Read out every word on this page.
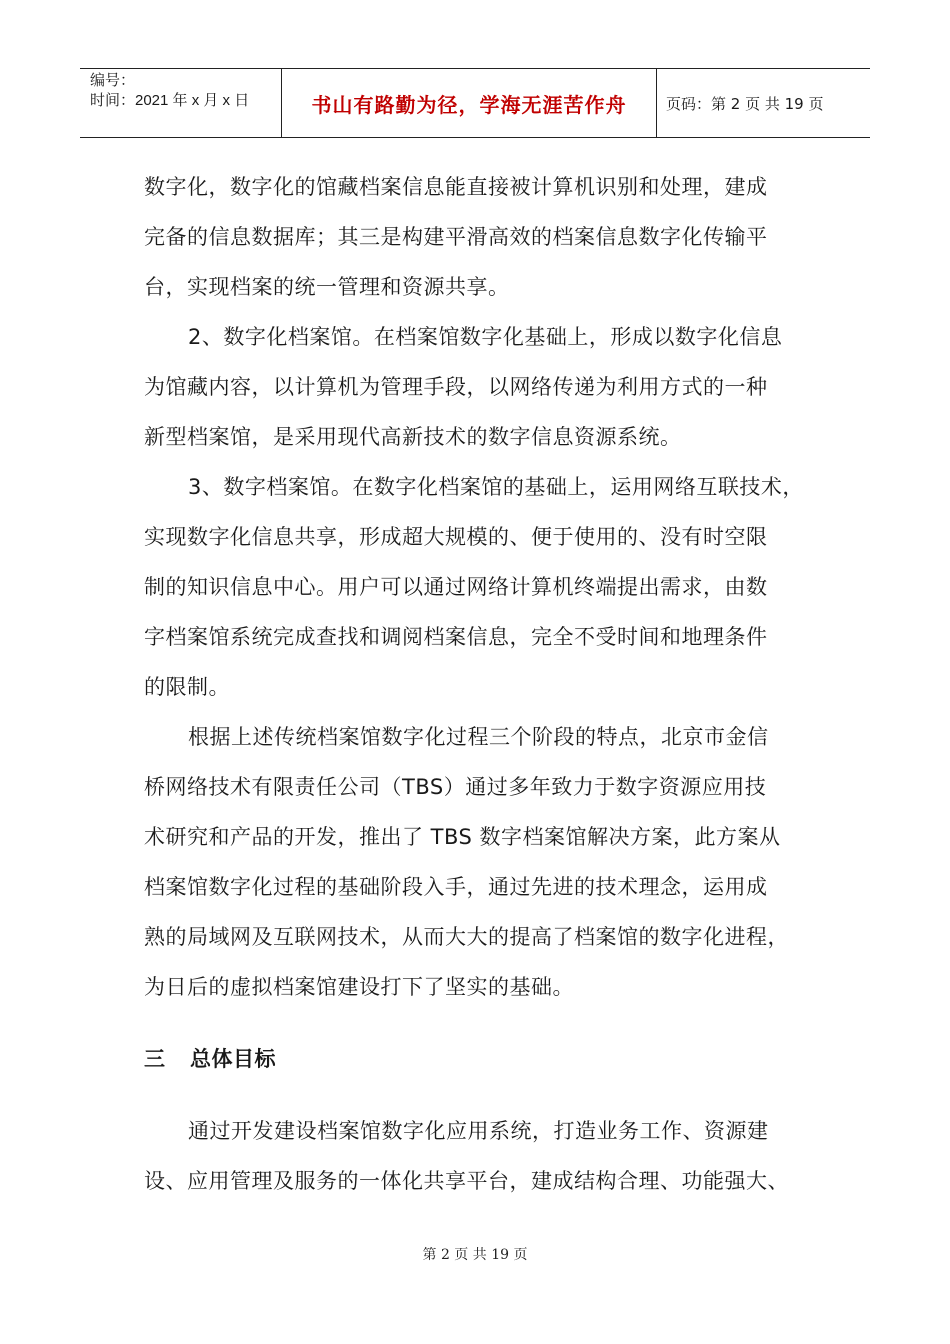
编号：
时间：2021 年 x 月 x 日	书山有路勤为径，学海无涯苦作舟	页码：第 2 页 共 19 页

数字化，数字化的馆藏档案信息能直接被计算机识别和处理，建成

完备的信息数据库；其三是构建平滑高效的档案信息数字化传输平

台，实现档案的统一管理和资源共享。

2、数字化档案馆。在档案馆数字化基础上，形成以数字化信息

为馆藏内容，以计算机为管理手段，以网络传递为利用方式的一种

新型档案馆，是采用现代高新技术的数字信息资源系统。

3、数字档案馆。在数字化档案馆的基础上，运用网络互联技术，

实现数字化信息共享，形成超大规模的、便于使用的、没有时空限

制的知识信息中心。用户可以通过网络计算机终端提出需求，由数

字档案馆系统完成查找和调阅档案信息，完全不受时间和地理条件

的限制。

根据上述传统档案馆数字化过程三个阶段的特点，北京市金信

桥网络技术有限责任公司（TBS）通过多年致力于数字资源应用技

术研究和产品的开发，推出了 TBS 数字档案馆解决方案，此方案从

档案馆数字化过程的基础阶段入手，通过先进的技术理念，运用成

熟的局域网及互联网技术，从而大大的提高了档案馆的数字化进程，

为日后的虚拟档案馆建设打下了坚实的基础。

三 总体目标

通过开发建设档案馆数字化应用系统，打造业务工作、资源建

设、应用管理及服务的一体化共享平台，建成结构合理、功能强大、

第 2 页 共 19 页
